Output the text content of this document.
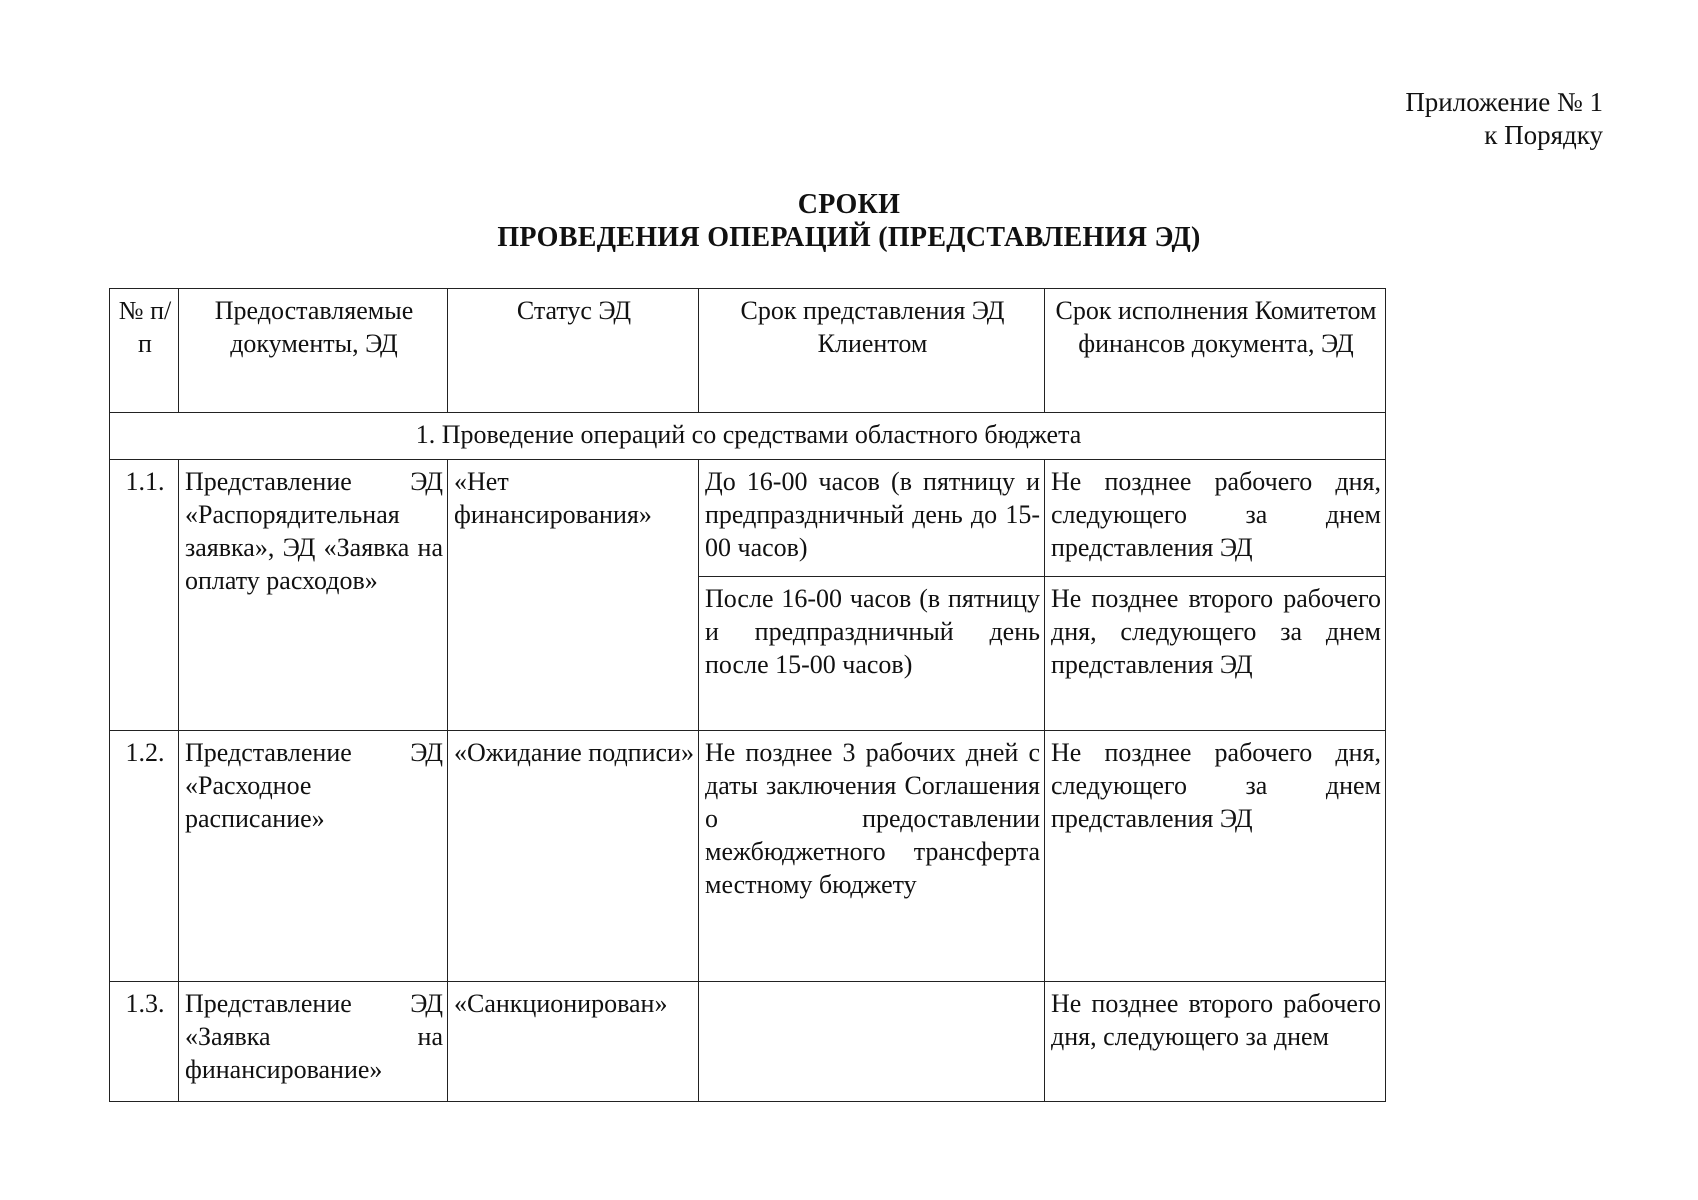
Приложение № 1
к Порядку
СРОКИ
ПРОВЕДЕНИЯ ОПЕРАЦИЙ (ПРЕДСТАВЛЕНИЯ ЭД)
№ п/п	Предоставляемые документы, ЭД	Статус ЭД	Срок представления ЭД Клиентом	Срок исполнения Комитетом финансов документа, ЭД
1. Проведение операций со средствами областного бюджета				
1.1.	Представление ЭД «Распорядительная заявка», ЭД «Заявка на оплату расходов»	«Нет финансирования»	До 16-00 часов (в пятницу и предпраздничный день до 15-00 часов)	Не позднее рабочего дня, следующего за днем представления ЭД
			После 16-00 часов (в пятницу и предпраздничный день после 15-00 часов)	Не позднее второго рабочего дня, следующего за днем представления ЭД
1.2.	Представление ЭД «Расходное расписание»	«Ожидание подписи»	Не позднее 3 рабочих дней с даты заключения Соглашения о предоставлении межбюджетного трансферта местному бюджету	Не позднее рабочего дня, следующего за днем представления ЭД
1.3.	Представление ЭД «Заявка на финансирование»	«Санкционирован»		Не позднее второго рабочего дня, следующего за днем
